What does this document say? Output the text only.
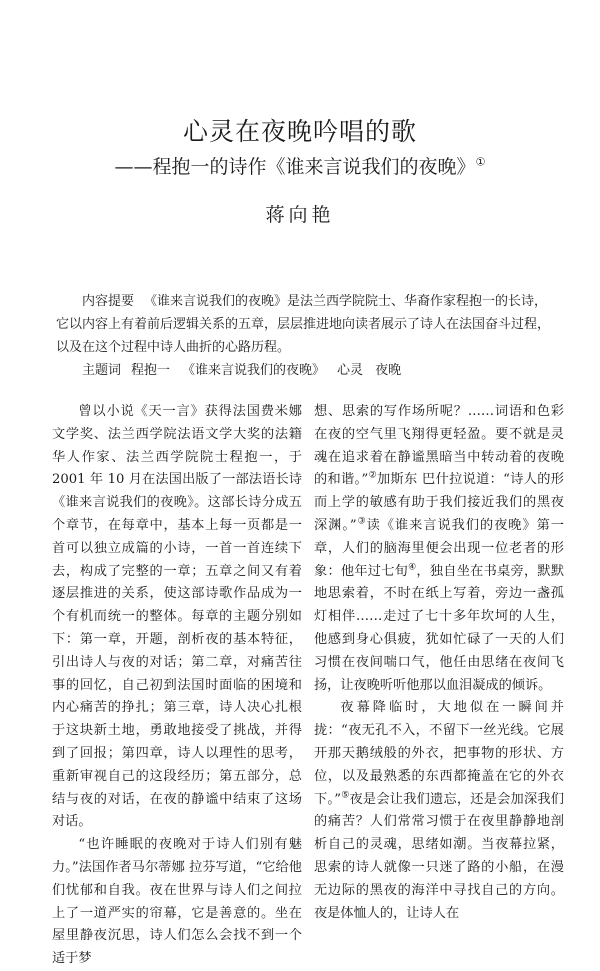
心灵在夜晚吟唱的歌
——程抱一的诗作《谁来言说我们的夜晚》①
蒋向艳

内容提要 《谁来言说我们的夜晚》是法兰西学院院士、华裔作家程抱一的长诗，它以内容上有着前后逻辑关系的五章，层层推进地向读者展示了诗人在法国奋斗过程，以及在这个过程中诗人曲折的心路历程。

主题词 程抱一 《谁来言说我们的夜晚》 心灵 夜晚

曾以小说《天一言》获得法国费米娜文学奖、法兰西学院法语文学大奖的法籍华人作家、法兰西学院院士程抱一，于 2001 年 10 月在法国出版了一部法语长诗《谁来言说我们的夜晚》。这部长诗分成五个章节，在每章中，基本上每一页都是一首可以独立成篇的小诗，一首一首连续下去，构成了完整的一章；五章之间又有着逐层推进的关系，使这部诗歌作品成为一个有机而统一的整体。每章的主题分别如下：第一章，开题，剖析夜的基本特征，引出诗人与夜的对话；第二章，对痛苦往事的回忆，自己初到法国时面临的困境和内心痛苦的挣扎；第三章，诗人决心扎根于这块新土地，勇敢地接受了挑战，并得到了回报；第四章，诗人以理性的思考，重新审视自己的这段经历；第五部分，总结与夜的对话，在夜的静谧中结束了这场对话。

“也许睡眠的夜晚对于诗人们别有魅力。”法国作者马尔蒂娜 拉芬写道，“它给他们忧郁和自我。夜在世界与诗人们之间拉上了一道严实的帘幕，它是善意的。坐在屋里静夜沉思，诗人们怎么会找不到一个适于梦

想、思索的写作场所呢？……词语和色彩在夜的空气里飞翔得更轻盈。要不就是灵魂在追求着在静谧黑暗当中转动着的夜晚的和谐。”②加斯东 巴什拉说道：“诗人的形而上学的敏感有助于我们接近我们的黑夜深渊。”③读《谁来言说我们的夜晚》第一章，人们的脑海里便会出现一位老者的形象：他年过七旬④，独自坐在书桌旁，默默地思索着，不时在纸上写着，旁边一盏孤灯相伴……走过了七十多年坎坷的人生，他感到身心俱疲，犹如忙碌了一天的人们习惯在夜间喘口气，他任由思绪在夜间飞扬，让夜晚听听他那以血泪凝成的倾诉。

夜幕降临时，大地似在一瞬间并拢：“夜无孔不入，不留下一丝光线。它展开那天鹅绒般的外衣，把事物的形状、方位，以及最熟悉的东西都掩盖在它的外衣下。”⑤夜是会让我们遗忘，还是会加深我们的痛苦？人们常常习惯于在夜里静静地剖析自己的灵魂，思绪如潮。当夜幕拉紧，思索的诗人就像一只迷了路的小船，在漫无边际的黑夜的海洋中寻找自己的方向。夜是体恤人的，让诗人在
